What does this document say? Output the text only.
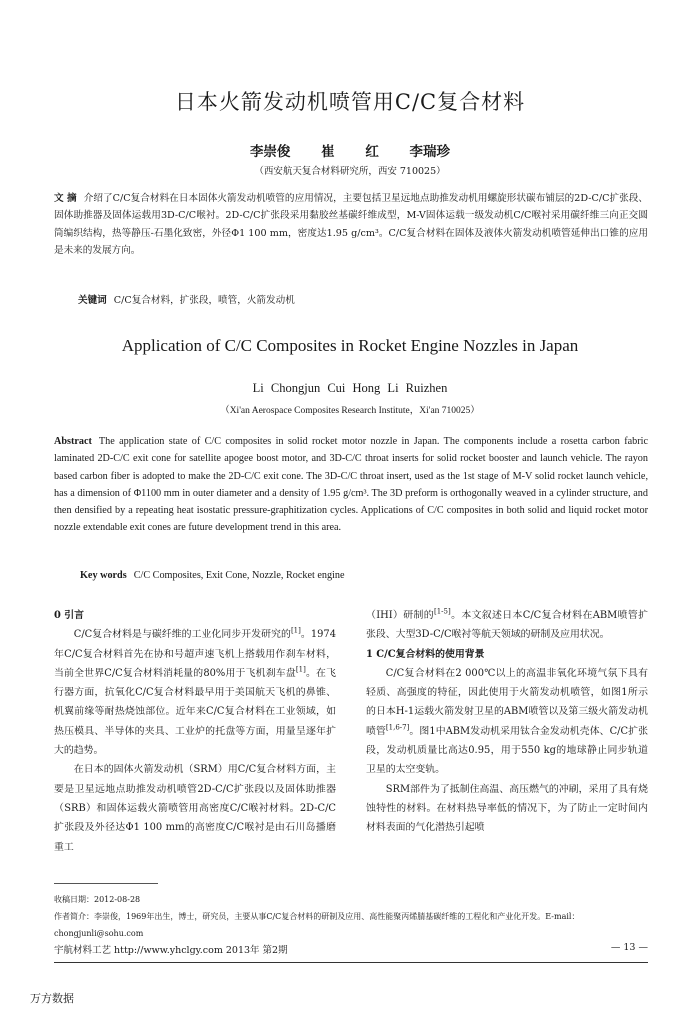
日本火箭发动机喷管用C/C复合材料
李崇俊 崔 红 李瑞珍
（西安航天复合材料研究所，西安 710025）

文 摘 介绍了C/C复合材料在日本固体火箭发动机喷管的应用情况，主要包括卫星远地点助推发动机用螺旋形状碳布铺层的2D-C/C扩张段、固体助推器及固体运载用3D-C/C喉衬。2D-C/C扩张段采用黏胶丝基碳纤维成型，M-V固体运载一级发动机C/C喉衬采用碳纤维三向正交圆筒编织结构，热等静压-石墨化致密，外径Φ1 100 mm，密度达1.95 g/cm³。C/C复合材料在固体及液体火箭发动机喷管延伸出口锥的应用是未来的发展方向。

关键词 C/C复合材料，扩张段，喷管，火箭发动机
Application of C/C Composites in Rocket Engine Nozzles in Japan
Li Chongjun Cui Hong Li Ruizhen
（Xi'an Aerospace Composites Research Institute，Xi'an 710025）

Abstract The application state of C/C composites in solid rocket motor nozzle in Japan. The components include a rosetta carbon fabric laminated 2D-C/C exit cone for satellite apogee boost motor, and 3D-C/C throat inserts for solid rocket booster and launch vehicle. The rayon based carbon fiber is adopted to make the 2D-C/C exit cone. The 3D-C/C throat insert, used as the 1st stage of M-V solid rocket launch vehicle, has a dimension of Φ1100 mm in outer diameter and a density of 1.95 g/cm³. The 3D preform is orthogonally weaved in a cylinder structure, and then densified by a repeating heat isostatic pressure-graphitization cycles. Applications of C/C composites in both solid and liquid rocket motor nozzle extendable exit cones are future development trend in this area.

Key words C/C Composites, Exit Cone, Nozzle, Rocket engine

0 引言

C/C复合材料是与碳纤维的工业化同步开发研究的[1]。1974年C/C复合材料首先在协和号超声速飞机上搭载用作刹车材料，当前全世界C/C复合材料消耗量的80%用于飞机刹车盘[1]。在飞行器方面，抗氧化C/C复合材料最早用于美国航天飞机的鼻锥、机翼前缘等耐热烧蚀部位。近年来C/C复合材料在工业领域，如热压模具、半导体的夹具、工业炉的托盘等方面，用量呈逐年扩大的趋势。

在日本的固体火箭发动机（SRM）用C/C复合材料方面，主要是卫星远地点助推发动机喷管2D-C/C扩张段以及固体助推器（SRB）和固体运载火箭喷管用高密度C/C喉衬材料。2D-C/C扩张段及外径达Φ1 100 mm的高密度C/C喉衬是由石川岛播磨重工

（IHI）研制的[1-5]。本文叙述日本C/C复合材料在ABM喷管扩张段、大型3D-C/C喉衬等航天领域的研制及应用状况。

1 C/C复合材料的使用背景

C/C复合材料在2 000℃以上的高温非氧化环境气氛下具有轻质、高强度的特征，因此使用于火箭发动机喷管，如图1所示的日本H-1运载火箭发射卫星的ABM喷管以及第三级火箭发动机喷管[1,6-7]。图1中ABM发动机采用钛合金发动机壳体、C/C扩张段，发动机质量比高达0.95，用于550 kg的地球静止同步轨道卫星的太空变轨。

SRM部件为了抵制住高温、高压燃气的冲刷，采用了具有烧蚀特性的材料。在材料热导率低的情况下，为了防止一定时间内材料表面的气化潜热引起喷

收稿日期：2012-08-28

作者简介：李崇俊，1969年出生，博士，研究员，主要从事C/C复合材料的研制及应用、高性能聚丙烯腈基碳纤维的工程化和产业化开发。E-mail：chongjunli@sohu.com

宇航材料工艺 http://www.yhclgy.com 2013年 第2期	— 13 —
万方数据
